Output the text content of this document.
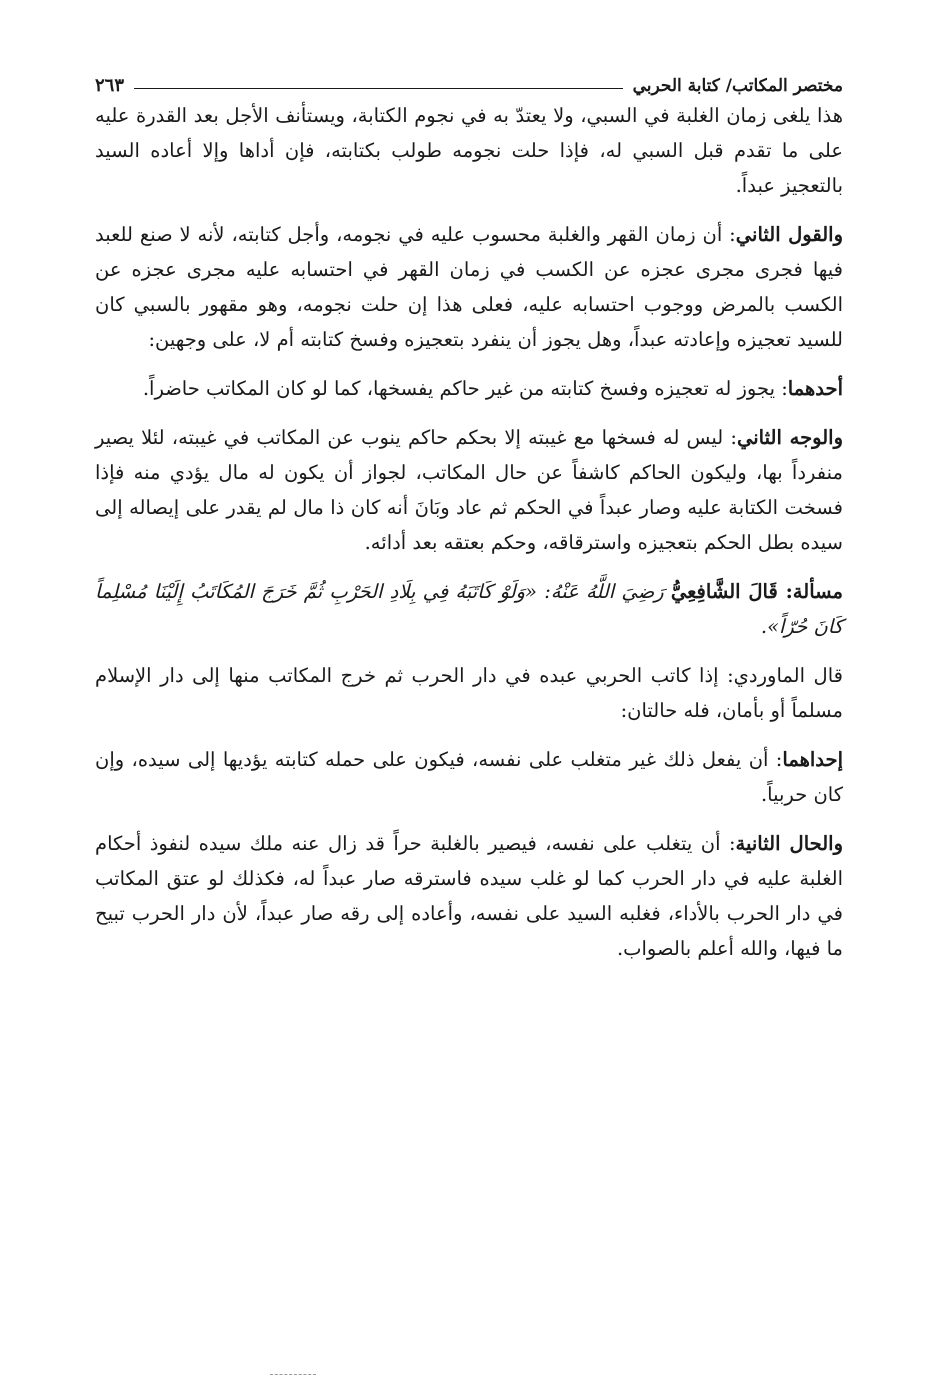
مختصر المكاتب/ كتابة الحربي
٢٦٣

هذا يلغى زمان الغلبة في السبي، ولا يعتدّ به في نجوم الكتابة، ويستأنف الأجل بعد القدرة عليه على ما تقدم قبل السبي له، فإذا حلت نجومه طولب بكتابته، فإن أداها وإلا أعاده السيد بالتعجيز عبداً.

والقول الثاني: أن زمان القهر والغلبة محسوب عليه في نجومه، وأجل كتابته، لأنه لا صنع للعبد فيها فجرى مجرى عجزه عن الكسب في زمان القهر في احتسابه عليه مجرى عجزه عن الكسب بالمرض ووجوب احتسابه عليه، فعلى هذا إن حلت نجومه، وهو مقهور بالسبي كان للسيد تعجيزه وإعادته عبداً، وهل يجوز أن ينفرد بتعجيزه وفسخ كتابته أم لا، على وجهين:

أحدهما: يجوز له تعجيزه وفسخ كتابته من غير حاكم يفسخها، كما لو كان المكاتب حاضراً.

والوجه الثاني: ليس له فسخها مع غيبته إلا بحكم حاكم ينوب عن المكاتب في غيبته، لئلا يصير منفرداً بها، وليكون الحاكم كاشفاً عن حال المكاتب، لجواز أن يكون له مال يؤدي منه فإذا فسخت الكتابة عليه وصار عبداً في الحكم ثم عاد وبَانَ أنه كان ذا مال لم يقدر على إيصاله إلى سيده بطل الحكم بتعجيزه واسترقاقه، وحكم بعتقه بعد أدائه.

مسألة: قَالَ الشَّافِعِيُّ رَضِيَ اللَّهُ عَنْهُ: «وَلَوْ كَاتَبَهُ فِي بِلَادِ الحَرْبِ ثُمَّ خَرَجَ المُكَاتَبُ إِلَيْنَا مُسْلِماً كَانَ حُرّاً».

قال الماوردي: إذا كاتب الحربي عبده في دار الحرب ثم خرج المكاتب منها إلى دار الإسلام مسلماً أو بأمان، فله حالتان:

إحداهما: أن يفعل ذلك غير متغلب على نفسه، فيكون على حمله كتابته يؤديها إلى سيده، وإن كان حربياً.

والحال الثانية: أن يتغلب على نفسه، فيصير بالغلبة حراً قد زال عنه ملك سيده لنفوذ أحكام الغلبة عليه في دار الحرب كما لو غلب سيده فاسترقه صار عبداً له، فكذلك لو عتق المكاتب في دار الحرب بالأداء، فغلبه السيد على نفسه، وأعاده إلى رقه صار عبداً، لأن دار الحرب تبيح ما فيها، والله أعلم بالصواب.
